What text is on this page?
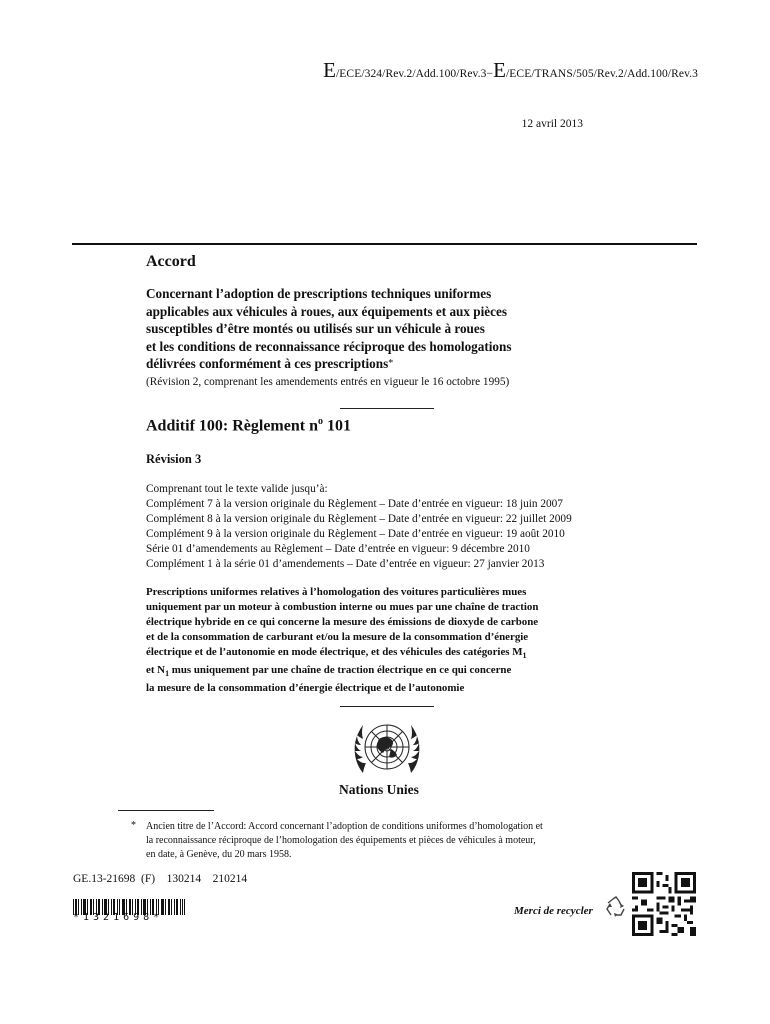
E/ECE/324/Rev.2/Add.100/Rev.3−E/ECE/TRANS/505/Rev.2/Add.100/Rev.3
12 avril 2013
Accord
Concernant l’adoption de prescriptions techniques uniformes
applicables aux véhicules à roues, aux équipements et aux pièces
susceptibles d’être montés ou utilisés sur un véhicule à roues
et les conditions de reconnaissance réciproque des homologations
délivrées conformément à ces prescriptions*
(Révision 2, comprenant les amendements entrés en vigueur le 16 octobre 1995)
Additif 100: Règlement $n^o$ 101
Révision 3
Comprenant tout le texte valide jusqu’à:
Complément 7 à la version originale du Règlement – Date d’entrée en vigueur: 18 juin 2007
Complément 8 à la version originale du Règlement – Date d’entrée en vigueur: 22 juillet 2009
Complément 9 à la version originale du Règlement – Date d’entrée en vigueur: 19 août 2010
Série 01 d’amendements au Règlement – Date d’entrée en vigueur: 9 décembre 2010
Complément 1 à la série 01 d’amendements – Date d’entrée en vigueur: 27 janvier 2013
Prescriptions uniformes relatives à l’homologation des voitures particulières mues
uniquement par un moteur à combustion interne ou mues par une chaîne de traction
électrique hybride en ce qui concerne la mesure des émissions de dioxyde de carbone
et de la consommation de carburant et/ou la mesure de la consommation d’énergie
électrique et de l’autonomie en mode électrique, et des véhicules des catégories $M_1$
et $N_1$ mus uniquement par une chaîne de traction électrique en ce qui concerne
la mesure de la consommation d’énergie électrique et de l’autonomie
Nations Unies
* Ancien titre de l’Accord: Accord concernant l’adoption de conditions uniformes d’homologation et
la reconnaissance réciproque de l’homologation des équipements et pièces de véhicules à moteur,
en date, à Genève, du 20 mars 1958.
GE.13-21698  (F)    130214    210214
*1321698*
Merci de recycler
